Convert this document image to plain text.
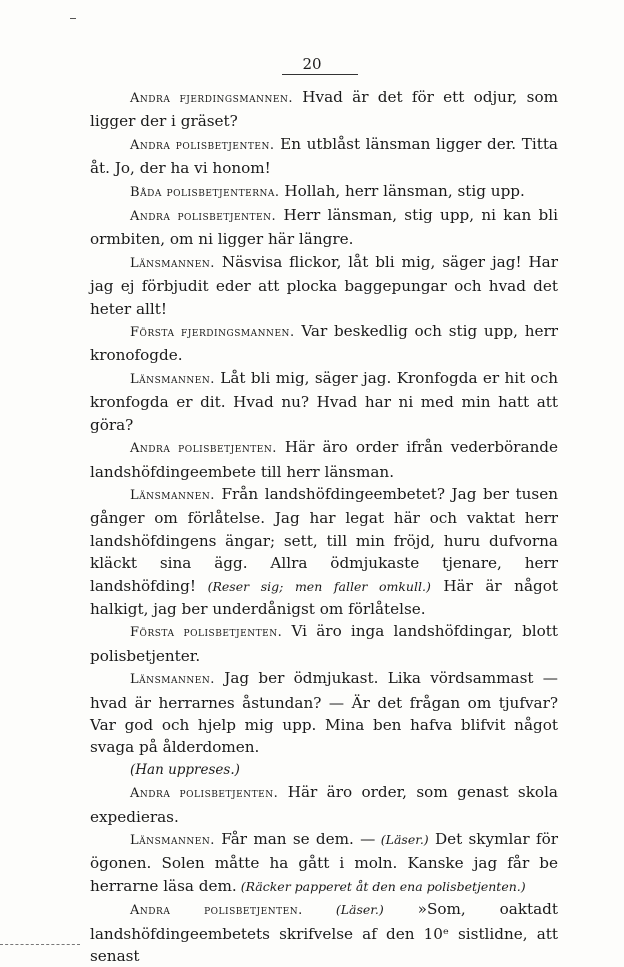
20

Andra fjerdingsmannen. Hvad är det för ett odjur, som ligger der i gräset?

Andra polisbetjenten. En utblåst länsman ligger der. Titta åt. Jo, der ha vi honom!

Båda polisbetjenterna. Hollah, herr länsman, stig upp.

Andra polisbetjenten. Herr länsman, stig upp, ni kan bli ormbiten, om ni ligger här längre.

Länsmannen. Näsvisa flickor, låt bli mig, säger jag! Har jag ej förbjudit eder att plocka baggepungar och hvad det heter allt!

Första fjerdingsmannen. Var beskedlig och stig upp, herr kronofogde.

Länsmannen. Låt bli mig, säger jag. Kronfogda er hit och kronfogda er dit. Hvad nu? Hvad har ni med min hatt att göra?

Andra polisbetjenten. Här äro order ifrån vederbörande landshöfdingeembete till herr länsman.

Länsmannen. Från landshöfdingeembetet? Jag ber tusen gånger om förlåtelse. Jag har legat här och vaktat herr landshöfdingens ängar; sett, till min fröjd, huru dufvorna kläckt sina ägg. Allra ödmjukaste tjenare, herr landshöfding! (Reser sig; men faller omkull.) Här är något halkigt, jag ber underdånigst om förlåtelse.

Första polisbetjenten. Vi äro inga landshöfdingar, blott polisbetjenter.

Länsmannen. Jag ber ödmjukast. Lika vördsammast — hvad är herrarnes åstundan? — Är det frågan om tjufvar? Var god och hjelp mig upp. Mina ben hafva blifvit något svaga på ålderdomen.

(Han uppreses.)

Andra polisbetjenten. Här äro order, som genast skola expedieras.

Länsmannen. Får man se dem. — (Läser.) Det skymlar för ögonen. Solen måtte ha gått i moln. Kanske jag får be herrarne läsa dem. (Räcker papperet åt den ena polisbetjenten.)

Andra polisbetjenten. (Läser.) »Som, oaktadt landshöfdingeembetets skrifvelse af den 10ᵉ sistlidne, att senast
